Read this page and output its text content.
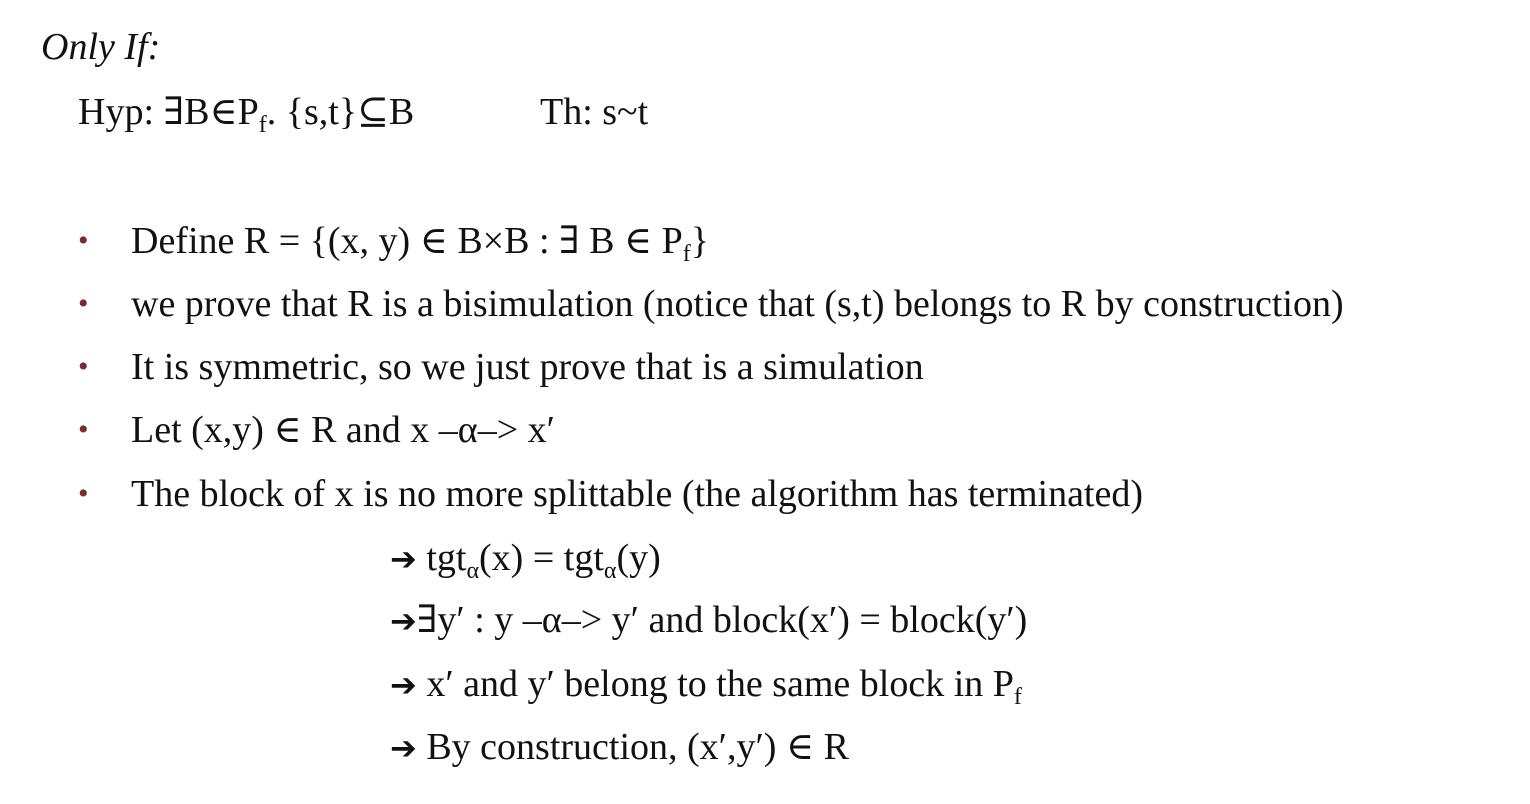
Only If:
Hyp: $\exists B\in P_f$. {s,t}⊆B	Th: s~t
• Define R = {(x, y) ∈ B×B : ∃ B ∈ $P_f$}
• we prove that R is a bisimulation (notice that (s,t) belongs to R by construction)
• It is symmetric, so we just prove that is a simulation
• Let (x,y) ∈ R and x –α–> x′
• The block of x is no more splittable (the algorithm has terminated)
➔ tgt$_\alpha$(x) = tgt$_\alpha$(y)
➔∃y′ : y –α–> y′ and block(x′) = block(y′)
➔ x′ and y′ belong to the same block in $P_f$
➔ By construction, (x′,y′) ∈ R
